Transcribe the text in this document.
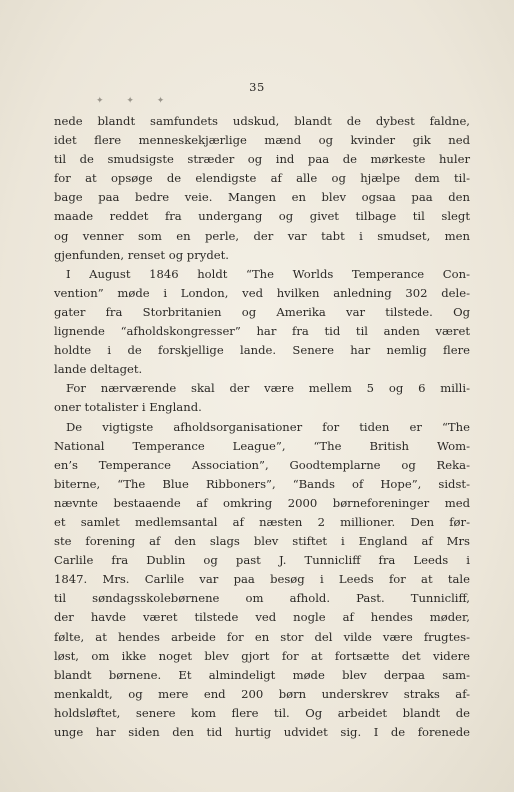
✦ ✦ ✦
35
nede blandt samfundets udskud, blandt de dybest faldne,
idet flere menneskekjærlige mænd og kvinder gik ned
til de smudsigste stræder og ind paa de mørkeste huler
for at opsøge de elendigste af alle og hjælpe dem til-
bage paa bedre veie. Mangen en blev ogsaa paa den
maade reddet fra undergang og givet tilbage til slegt
og venner som en perle, der var tabt i smudset, men
gjenfunden, renset og prydet.
I August 1846 holdt “The Worlds Temperance Con-
vention” møde i London, ved hvilken anledning 302 dele-
gater fra Storbritanien og Amerika var tilstede. Og
lignende “afholdskongresser” har fra tid til anden været
holdte i de forskjellige lande. Senere har nemlig flere
lande deltaget.
For nærværende skal der være mellem 5 og 6 milli-
oner totalister i England.
De vigtigste afholdsorganisationer for tiden er “The
National Temperance League”, “The British Wom-
en’s Temperance Association”, Goodtemplarne og Reka-
biterne, “The Blue Ribboners”, “Bands of Hope”, sidst-
nævnte bestaaende af omkring 2000 børneforeninger med
et samlet medlemsantal af næsten 2 millioner. Den før-
ste forening af den slags blev stiftet i England af Mrs
Carlile fra Dublin og past J. Tunnicliff fra Leeds i
1847. Mrs. Carlile var paa besøg i Leeds for at tale
til søndagsskolebørnene om afhold. Past. Tunnicliff,
der havde været tilstede ved nogle af hendes møder,
følte, at hendes arbeide for en stor del vilde være frugtes-
løst, om ikke noget blev gjort for at fortsætte det videre
blandt børnene. Et almindeligt møde blev derpaa sam-
menkaldt, og mere end 200 børn underskrev straks af-
holdsløftet, senere kom flere til. Og arbeidet blandt de
unge har siden den tid hurtig udvidet sig. I de forenede
